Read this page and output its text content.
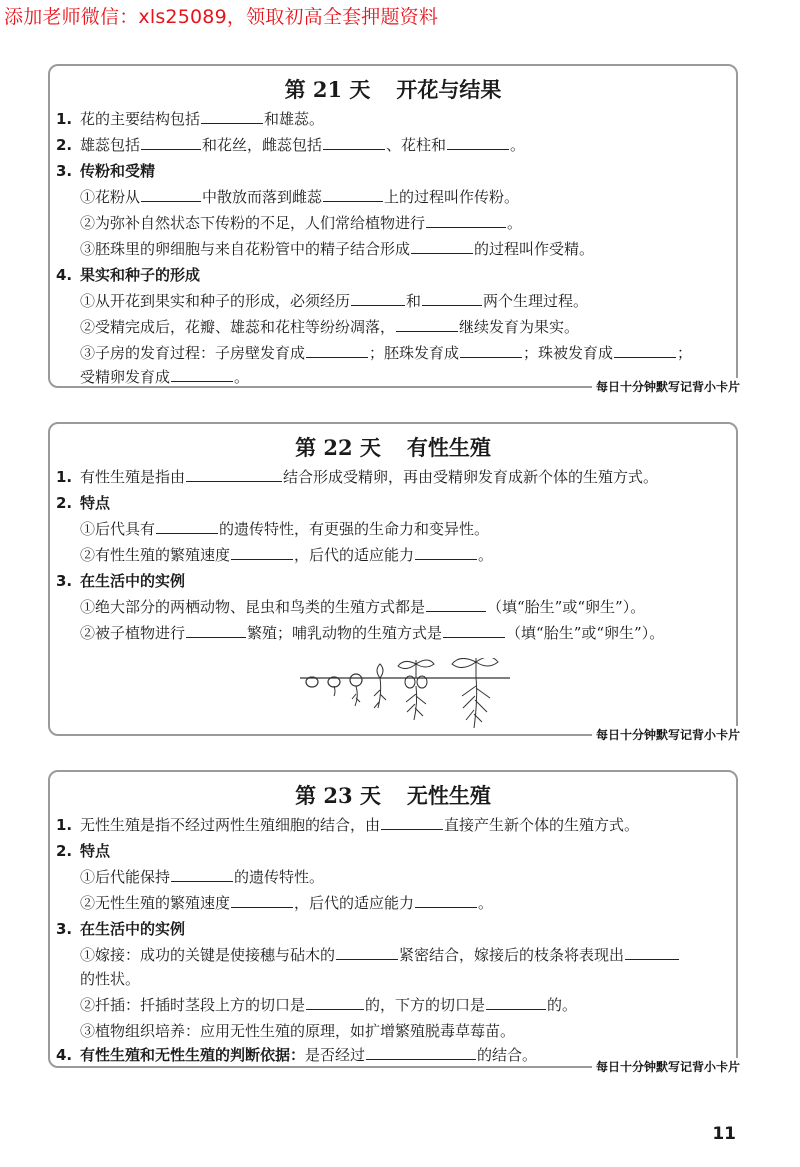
添加老师微信：xls25089，领取初高全套押题资料
第 21 天 开花与结果
1. 花的主要结构包括	和雄蕊。
2. 雄蕊包括	和花丝，雌蕊包括	、花柱和	。
3. 传粉和受精
①花粉从	中散放而落到雌蕊	上的过程叫作传粉。
②为弥补自然状态下传粉的不足，人们常给植物进行	。
③胚珠里的卵细胞与来自花粉管中的精子结合形成	的过程叫作受精。
4. 果实和种子的形成
①从开花到果实和种子的形成，必须经历	和	两个生理过程。
②受精完成后，花瓣、雄蕊和花柱等纷纷凋落，	继续发育为果实。
③子房的发育过程：子房壁发育成	；胚珠发育成	；珠被发育成	；
受精卵发育成	。
每日十分钟默写记背小卡片
第 22 天 有性生殖
1. 有性生殖是指由	结合形成受精卵，再由受精卵发育成新个体的生殖方式。
2. 特点
①后代具有	的遗传特性，有更强的生命力和变异性。
②有性生殖的繁殖速度	，后代的适应能力	。
3. 在生活中的实例
①绝大部分的两栖动物、昆虫和鸟类的生殖方式都是	（填“胎生”或“卵生”）。
②被子植物进行	繁殖；哺乳动物的生殖方式是	（填“胎生”或“卵生”）。
每日十分钟默写记背小卡片
第 23 天 无性生殖
1. 无性生殖是指不经过两性生殖细胞的结合，由	直接产生新个体的生殖方式。
2. 特点
①后代能保持	的遗传特性。
②无性生殖的繁殖速度	，后代的适应能力	。
3. 在生活中的实例
①嫁接：成功的关键是使接穗与砧木的	紧密结合，嫁接后的枝条将表现出
的性状。
②扦插：扦插时茎段上方的切口是	的，下方的切口是	的。
③植物组织培养：应用无性生殖的原理，如扩增繁殖脱毒草莓苗。
4. 有性生殖和无性生殖的判断依据：是否经过	的结合。
每日十分钟默写记背小卡片
11
